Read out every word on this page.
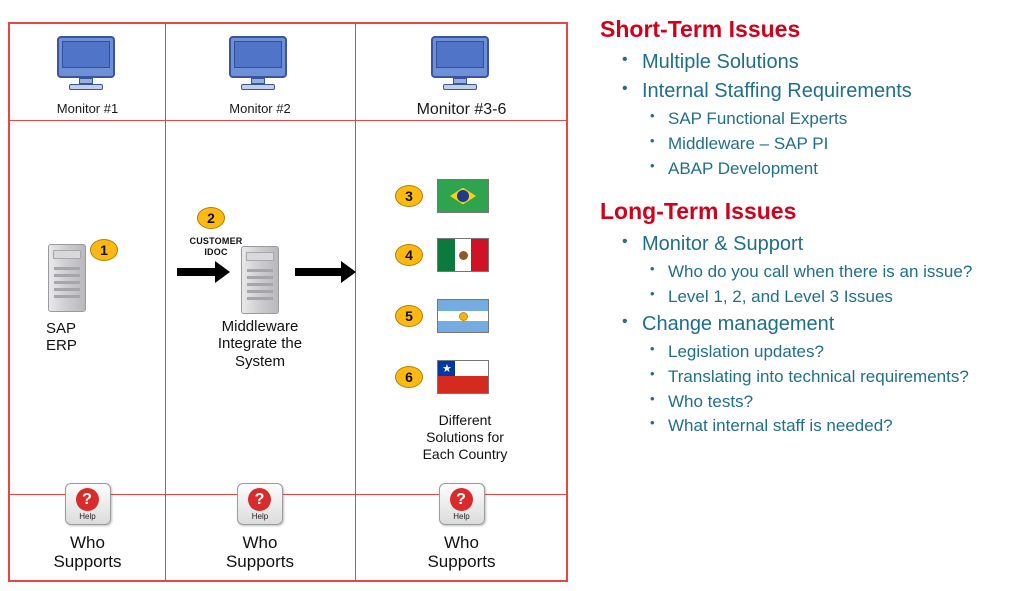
Monitor #1
1
SAP
ERP
?
Help
Who
Supports
Monitor #2
2
CUSTOMER
IDOC
Middleware
Integrate the
System
?
Help
Who
Supports
Monitor #3-6
3
4
5
6	★
Different
Solutions for
Each Country
?
Help
Who
Supports
Short-Term Issues
• Multiple Solutions
• Internal Staffing Requirements
• SAP Functional Experts
• Middleware – SAP PI
• ABAP Development
Long-Term Issues
• Monitor & Support
• Who do you call when there is an issue?
• Level 1, 2, and Level 3 Issues
• Change management
• Legislation updates?
• Translating into technical requirements?
• Who tests?
• What internal staff is needed?
